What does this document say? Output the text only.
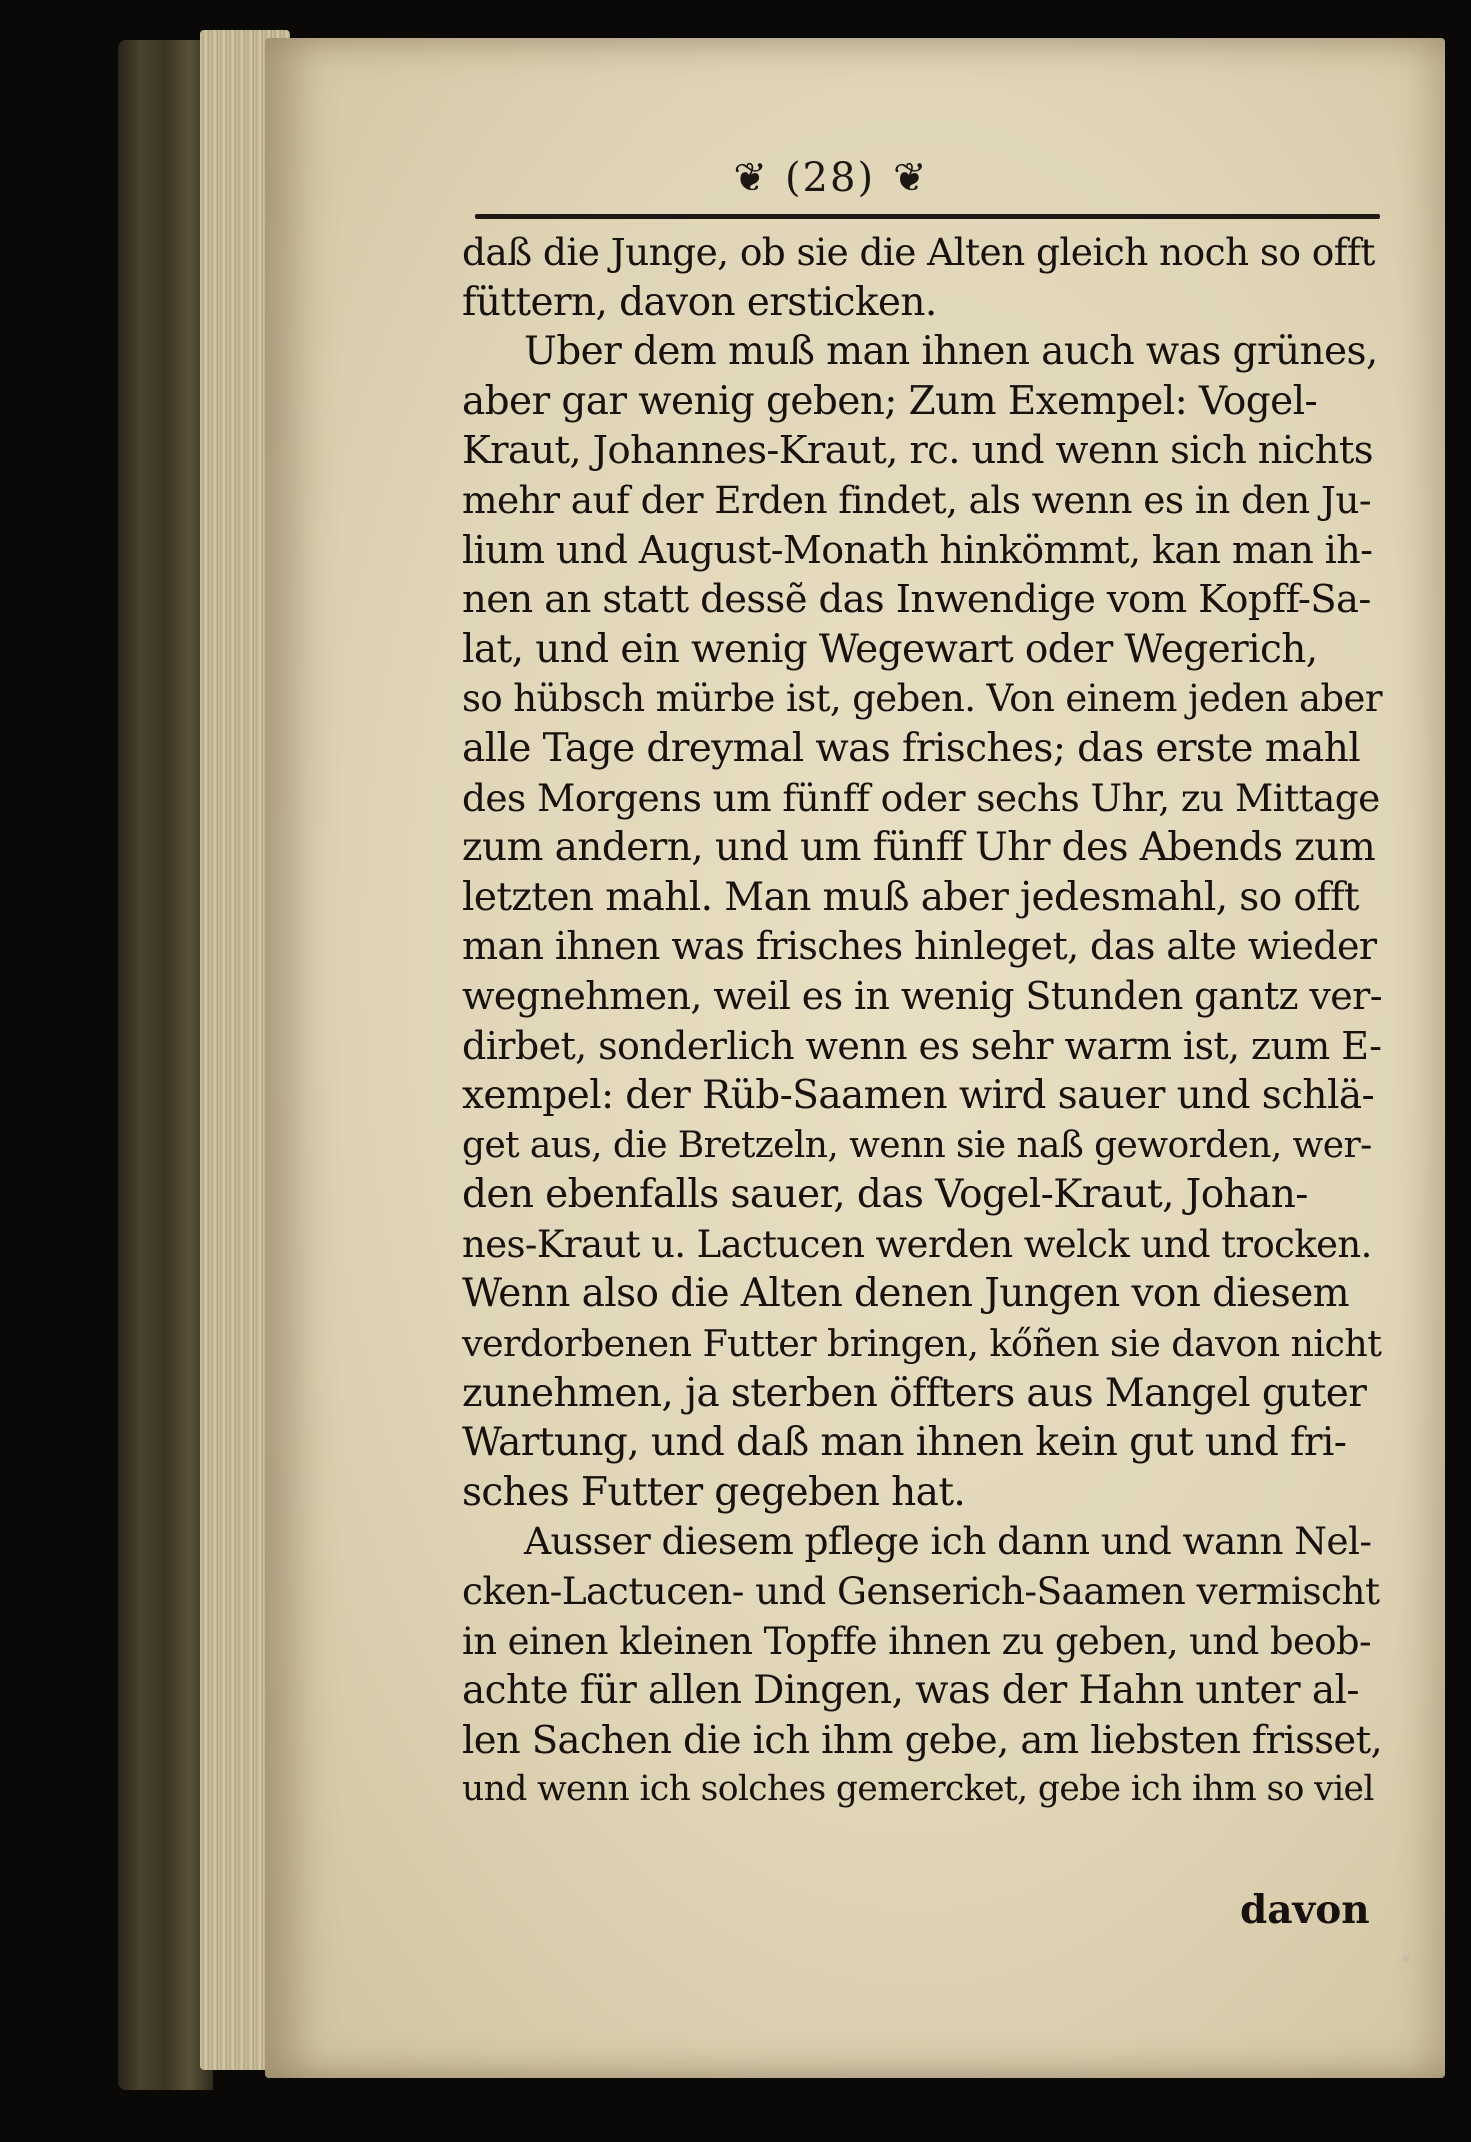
❦ (28) ❦
daß die Junge, ob sie die Alten gleich noch so offt
füttern, davon ersticken.
Uber dem muß man ihnen auch was grünes,
aber gar wenig geben; Zum Exempel: Vogel-
Kraut, Johannes-Kraut, rc. und wenn sich nichts
mehr auf der Erden findet, als wenn es in den Ju-
lium und August-Monath hinkömmt, kan man ih-
nen an statt dessẽ das Inwendige vom Kopff-Sa-
lat, und ein wenig Wegewart oder Wegerich,
so hübsch mürbe ist, geben. Von einem jeden aber
alle Tage dreymal was frisches; das erste mahl
des Morgens um fünff oder sechs Uhr, zu Mittage
zum andern, und um fünff Uhr des Abends zum
letzten mahl. Man muß aber jedesmahl, so offt
man ihnen was frisches hinleget, das alte wieder
wegnehmen, weil es in wenig Stunden gantz ver-
dirbet, sonderlich wenn es sehr warm ist, zum E-
xempel: der Rüb-Saamen wird sauer und schlä-
get aus, die Bretzeln, wenn sie naß geworden, wer-
den ebenfalls sauer, das Vogel-Kraut, Johan-
nes-Kraut u. Lactucen werden welck und trocken.
Wenn also die Alten denen Jungen von diesem
verdorbenen Futter bringen, kőñen sie davon nicht
zunehmen, ja sterben öffters aus Mangel guter
Wartung, und daß man ihnen kein gut und fri-
sches Futter gegeben hat.
Ausser diesem pflege ich dann und wann Nel-
cken-Lactucen- und Genserich-Saamen vermischt
in einen kleinen Topffe ihnen zu geben, und beob-
achte für allen Dingen, was der Hahn unter al-
len Sachen die ich ihm gebe, am liebsten frisset,
und wenn ich solches gemercket, gebe ich ihm so viel
davon
